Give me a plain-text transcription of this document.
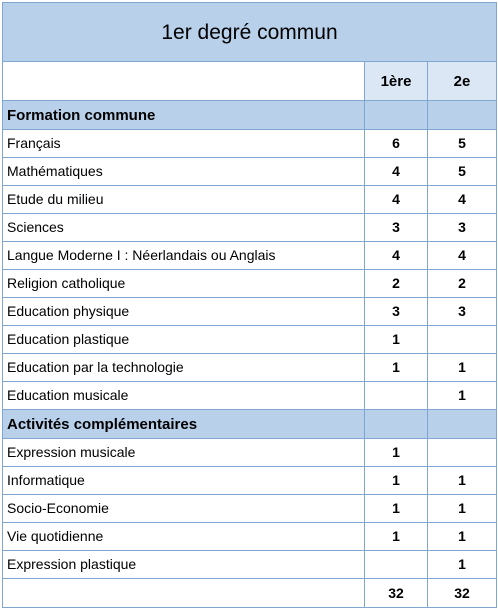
1er degré commun		
	1ère	2e
Formation commune		
Français	6	5
Mathématiques	4	5
Etude du milieu	4	4
Sciences	3	3
Langue Moderne I : Néerlandais ou Anglais	4	4
Religion catholique	2	2
Education physique	3	3
Education plastique	1	
Education par la technologie	1	1
Education musicale		1
Activités complémentaires		
Expression musicale	1	
Informatique	1	1
Socio-Economie	1	1
Vie quotidienne	1	1
Expression plastique		1
	32	32
